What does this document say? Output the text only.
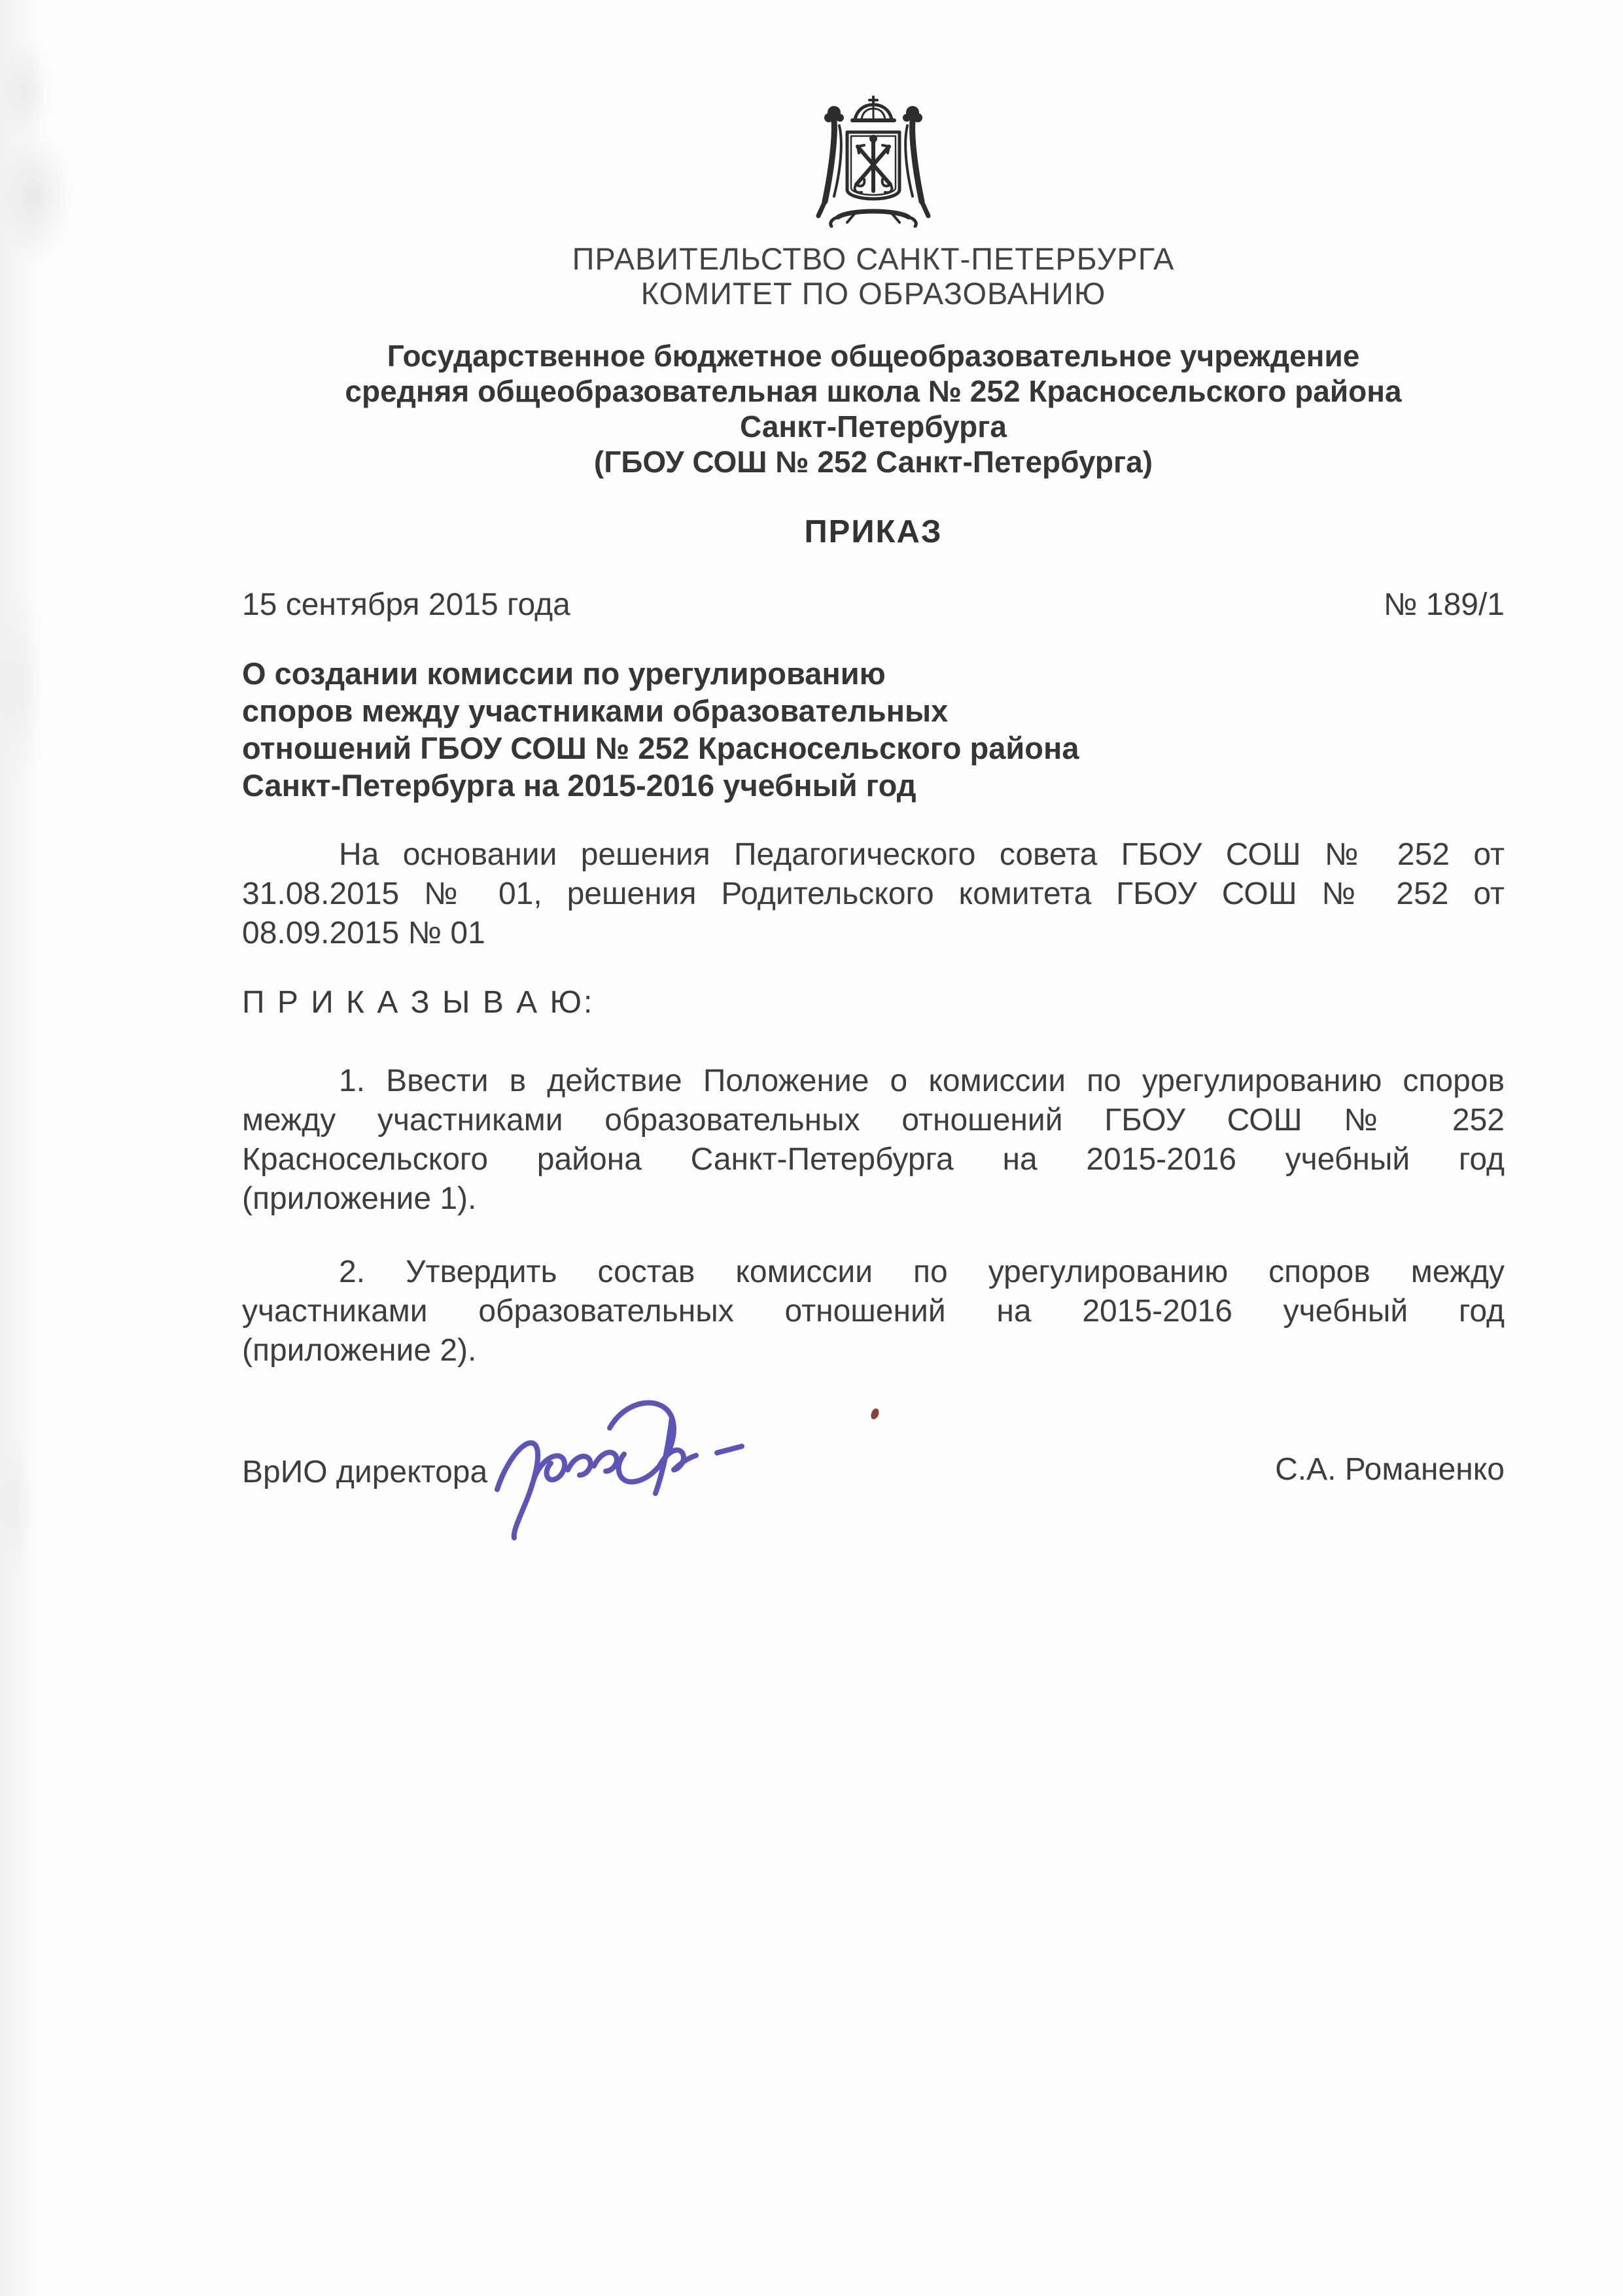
ПРАВИТЕЛЬСТВО САНКТ-ПЕТЕРБУРГА
КОМИТЕТ ПО ОБРАЗОВАНИЮ
Государственное бюджетное общеобразовательное учреждение
средняя общеобразовательная школа № 252 Красносельского района
Санкт-Петербурга
(ГБОУ СОШ № 252 Санкт-Петербурга)
ПРИКАЗ
15 сентября 2015 года	№ 189/1
О создании комиссии по урегулированию
споров между участниками образовательных
отношений ГБОУ СОШ № 252 Красносельского района
Санкт-Петербурга на 2015-2016 учебный год
На основании решения Педагогического совета ГБОУ СОШ № 252 от
31.08.2015 № 01, решения Родительского комитета ГБОУ СОШ № 252 от
08.09.2015 № 01
П Р И К А З Ы В А Ю:
1. Ввести в действие Положение о комиссии по урегулированию споров
между участниками образовательных отношений ГБОУ СОШ № 252
Красносельского района Санкт-Петербурга на 2015-2016 учебный год
(приложение 1).
2. Утвердить состав комиссии по урегулированию споров между
участниками образовательных отношений на 2015-2016 учебный год
(приложение 2).
ВрИО директора	С.А. Романенко
